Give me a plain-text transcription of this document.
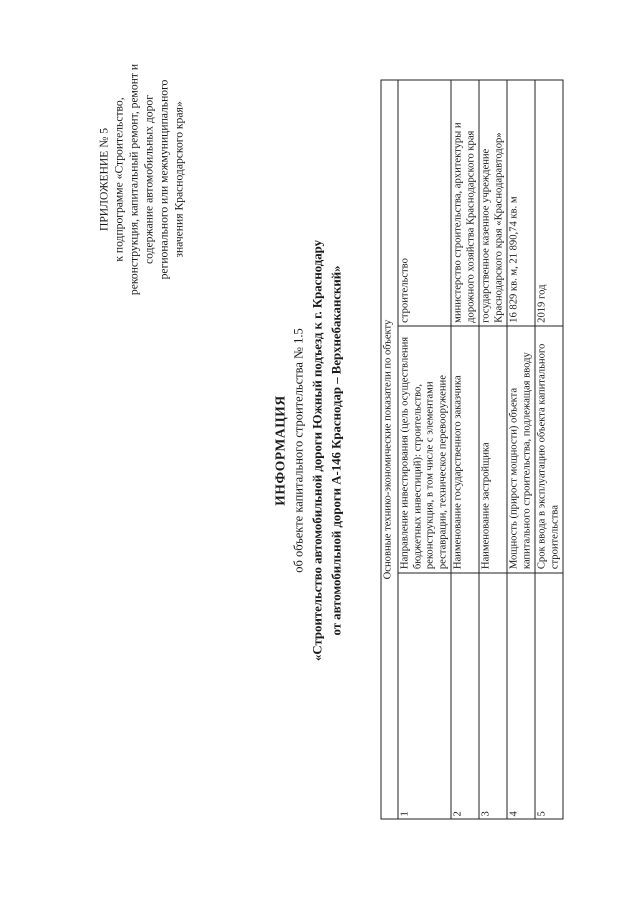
ПРИЛОЖЕНИЕ № 5 к подпрограмме «Строительство, реконструкция, капитальный ремонт, ремонт и содержание автомобильных дорог регионального или межмуниципального значения Краснодарского края»
ИНФОРМАЦИЯ об объекте капитального строительства № 1.5 «Строительство автомобильной дороги Южный подъезд к г. Краснодару от автомобильной дороги А-146 Краснодар – Верхнебаканский»	Основные технико-экономические показатели по объекту		
1	Направление инвестирования (цель осуществления бюджетных инвестиций): строительство, реконструкция, в том числе с элементами реставрации, техническое перевооружение	строительство
2	Наименование государственного заказчика	министерство строительства, архитектуры и дорожного хозяйства Краснодарского края
3	Наименование застройщика	государственное казенное учреждение Краснодарского края «Краснодаравтодор»
4	Мощность (прирост мощности) объекта капитального строительства, подлежащая вводу	16 829 кв. м, 21 890,74 кв. м
5	Срок ввода в эксплуатацию объекта капитального строительства	2019 год
